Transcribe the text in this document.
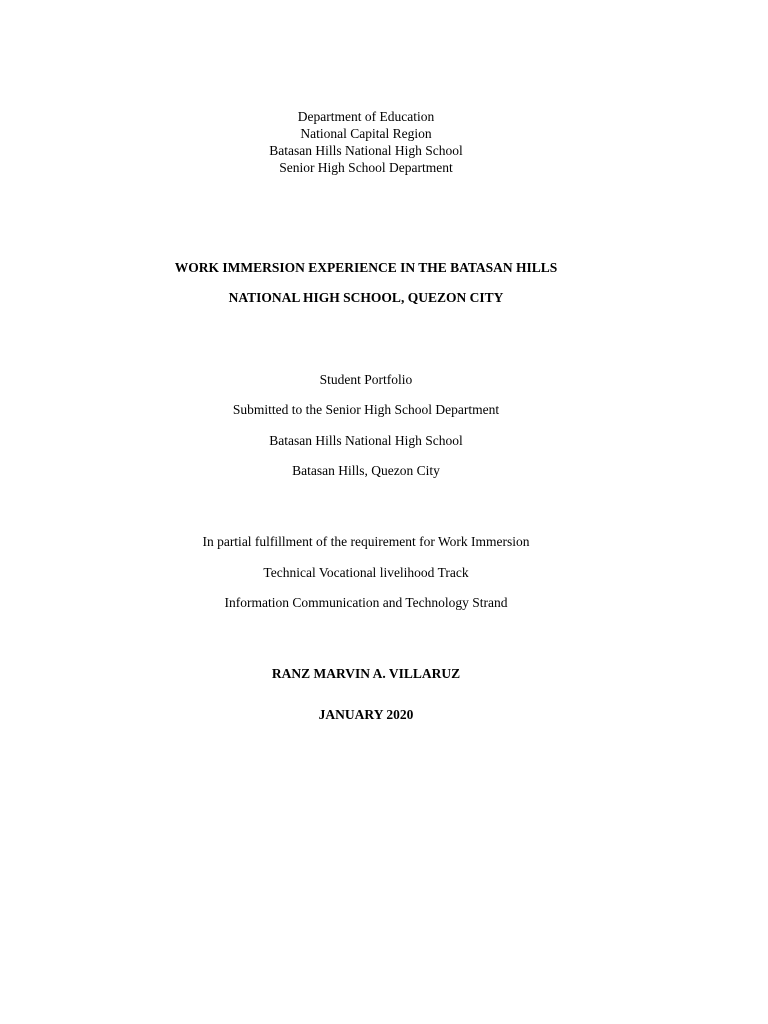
Department of Education
National Capital Region
Batasan Hills National High School
Senior High School Department
WORK IMMERSION EXPERIENCE IN THE BATASAN HILLS
NATIONAL HIGH SCHOOL, QUEZON CITY
Student Portfolio
Submitted to the Senior High School Department
Batasan Hills National High School
Batasan Hills, Quezon City
In partial fulfillment of the requirement for Work Immersion
Technical Vocational livelihood Track
Information Communication and Technology Strand
RANZ MARVIN A. VILLARUZ
JANUARY 2020
